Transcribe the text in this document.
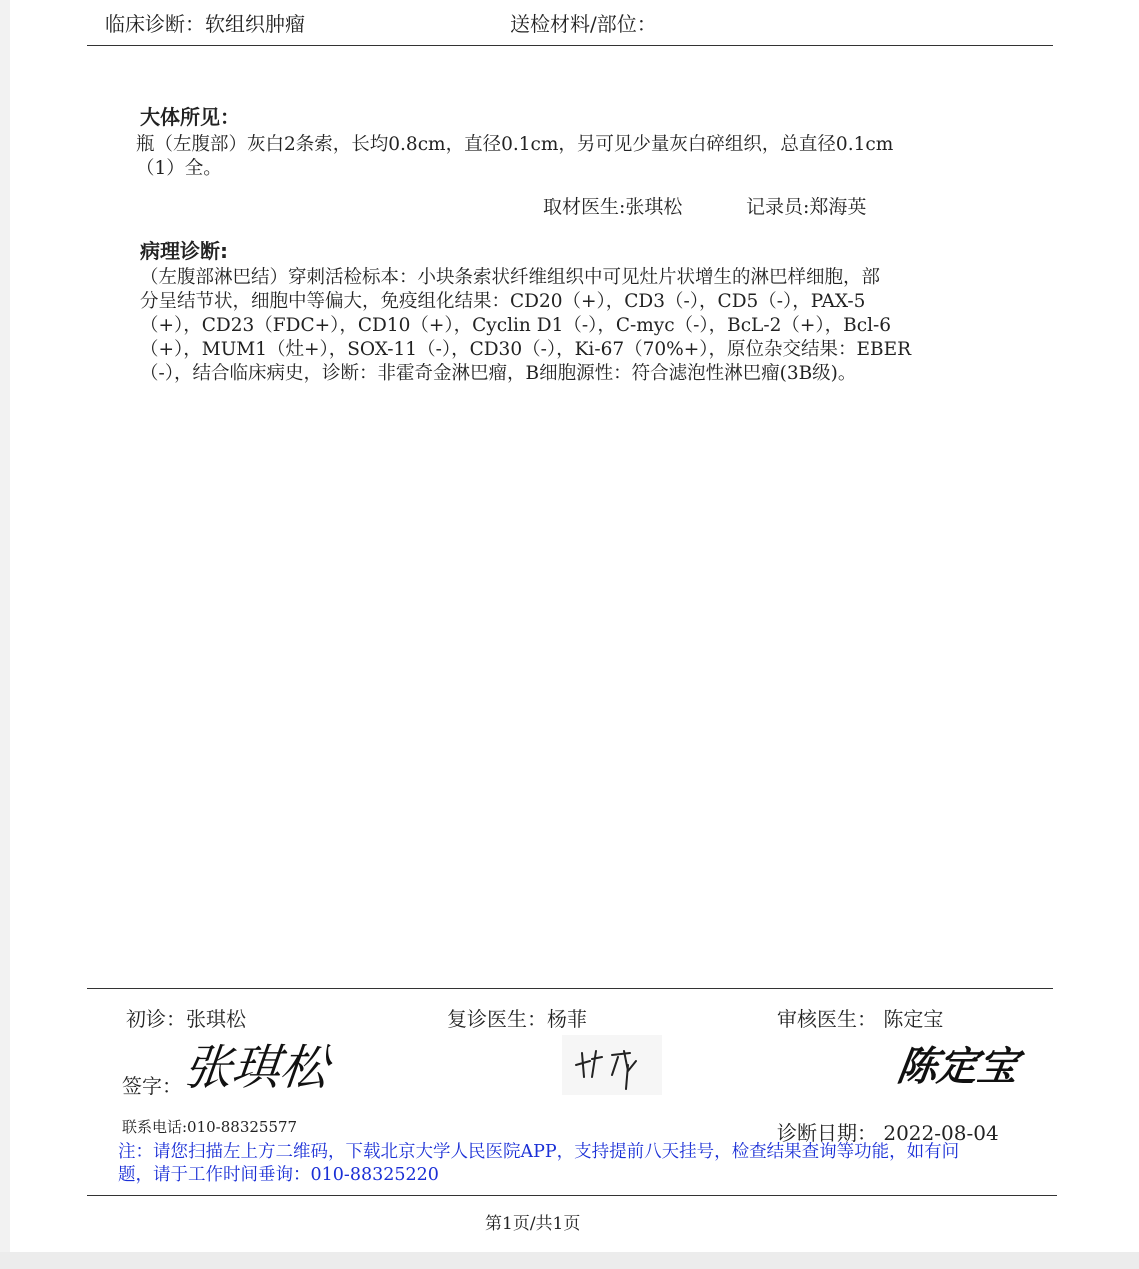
临床诊断：软组织肿瘤	送检材料/部位：
大体所见：
瓶（左腹部）灰白2条索，长均0.8cm，直径0.1cm，另可见少量灰白碎组织，总直径0.1cm
（1）全。
取材医生:张琪松	记录员:郑海英
病理诊断:
（左腹部淋巴结）穿刺活检标本：小块条索状纤维组织中可见灶片状增生的淋巴样细胞，部
分呈结节状，细胞中等偏大，免疫组化结果：CD20（+），CD3（-），CD5（-），PAX-5
（+），CD23（FDC+），CD10（+），Cyclin D1（-），C-myc（-），BcL-2（+），Bcl-6
（+），MUM1（灶+），SOX-11（-），CD30（-），Ki-67（70%+），原位杂交结果：EBER
（-），结合临床病史，诊断：非霍奇金淋巴瘤，B细胞源性：符合滤泡性淋巴瘤(3B级)。
初诊：张琪松	复诊医生：杨菲	审核医生： 陈定宝
签字： 张琪松	陈定宝
联系电话:010-88325577	诊断日期： 2022-08-04
注：请您扫描左上方二维码，下载北京大学人民医院APP，支持提前八天挂号，检查结果查询等功能，如有问
题，请于工作时间垂询：010-88325220
第1页/共1页
